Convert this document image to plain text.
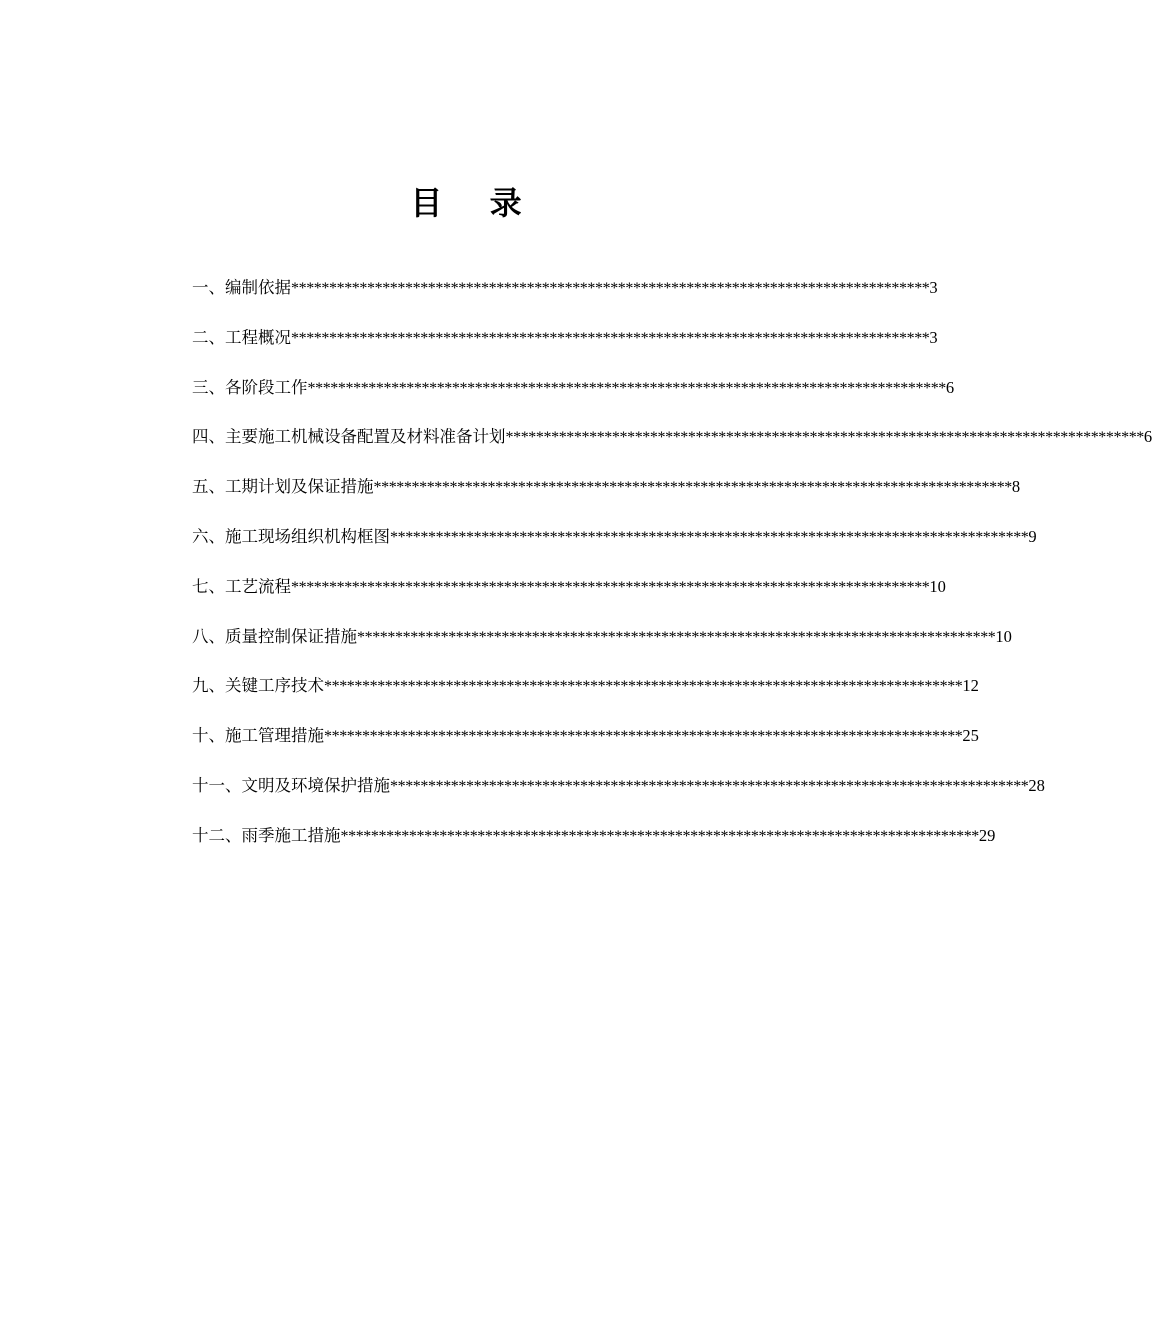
目 录
一、编制依据 ************************************************************************************ 3
二、工程概况 ************************************************************************************ 3
三、各阶段工作 ************************************************************************************ 6
四、主要施工机械设备配置及材料准备计划 ************************************************************************************ 6
五、工期计划及保证措施 ************************************************************************************ 8
六、施工现场组织机构框图 ************************************************************************************ 9
七、工艺流程 ************************************************************************************ 10
八、质量控制保证措施 ************************************************************************************ 10
九、关键工序技术 ************************************************************************************ 12
十、施工管理措施 ************************************************************************************ 25
十一、文明及环境保护措施 ************************************************************************************ 28
十二、雨季施工措施 ************************************************************************************ 29
